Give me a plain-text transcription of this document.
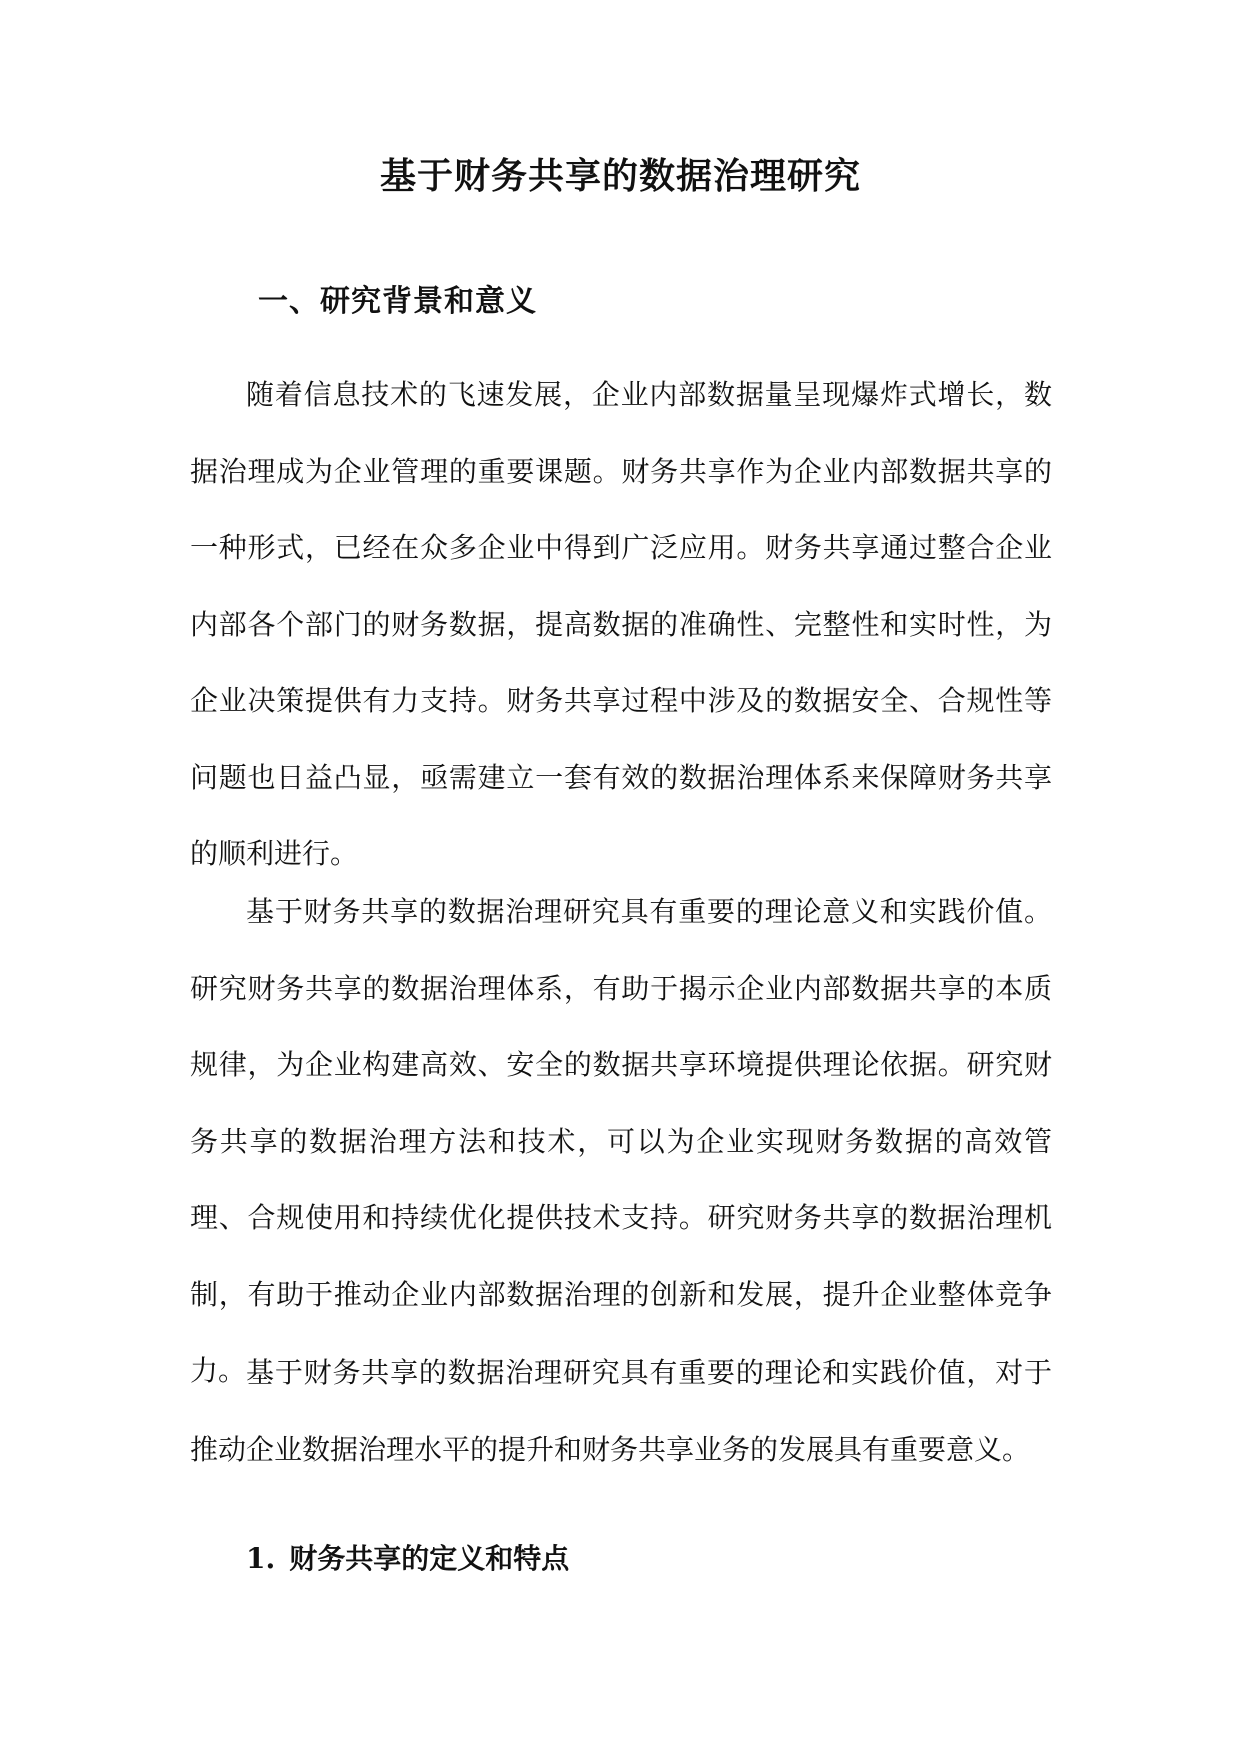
基于财务共享的数据治理研究
一、研究背景和意义

随着信息技术的飞速发展，企业内部数据量呈现爆炸式增长，数据治理成为企业管理的重要课题。财务共享作为企业内部数据共享的一种形式，已经在众多企业中得到广泛应用。财务共享通过整合企业内部各个部门的财务数据，提高数据的准确性、完整性和实时性，为企业决策提供有力支持。财务共享过程中涉及的数据安全、合规性等问题也日益凸显，亟需建立一套有效的数据治理体系来保障财务共享的顺利进行。

基于财务共享的数据治理研究具有重要的理论意义和实践价值。研究财务共享的数据治理体系，有助于揭示企业内部数据共享的本质规律，为企业构建高效、安全的数据共享环境提供理论依据。研究财务共享的数据治理方法和技术，可以为企业实现财务数据的高效管理、合规使用和持续优化提供技术支持。研究财务共享的数据治理机制，有助于推动企业内部数据治理的创新和发展，提升企业整体竞争力。 基于财务共享的数据治理研究具有重要的理论和实践价值，对于推动企业数据治理水平的提升和财务共享业务的发展具有重要意义。

1. 财务共享的定义和特点
